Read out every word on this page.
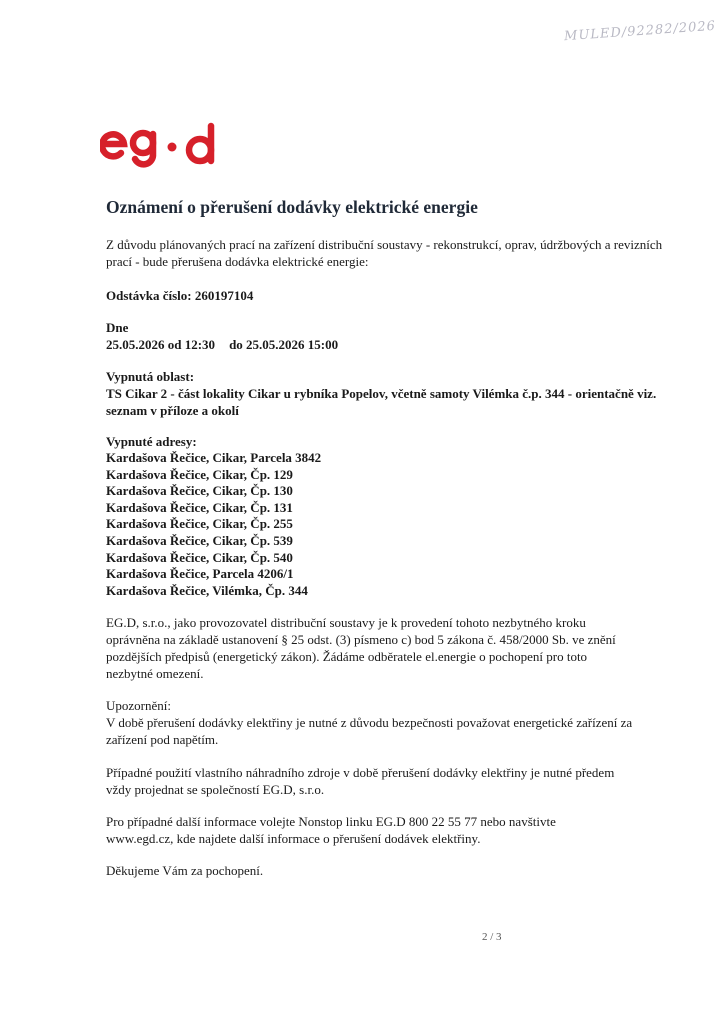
MULED/92282/2026
Oznámení o přerušení dodávky elektrické energie

Z důvodu plánovaných prací na zařízení distribuční soustavy - rekonstrukcí, oprav, údržbových a revizních prací - bude přerušena dodávka elektrické energie:

Odstávka číslo: 260197104

Dne

25.05.2026 od 12:30 do 25.05.2026 15:00

Vypnutá oblast:

TS Cikar 2 - část lokality Cikar u rybníka Popelov, včetně samoty Vilémka č.p. 344 - orientačně viz. seznam v příloze a okolí

Vypnuté adresy:

Kardašova Řečice, Cikar, Parcela 3842
Kardašova Řečice, Cikar, Čp. 129
Kardašova Řečice, Cikar, Čp. 130
Kardašova Řečice, Cikar, Čp. 131
Kardašova Řečice, Cikar, Čp. 255
Kardašova Řečice, Cikar, Čp. 539
Kardašova Řečice, Cikar, Čp. 540
Kardašova Řečice, Parcela 4206/1
Kardašova Řečice, Vilémka, Čp. 344

EG.D, s.r.o., jako provozovatel distribuční soustavy je k provedení tohoto nezbytného kroku oprávněna na základě ustanovení § 25 odst. (3) písmeno c) bod 5 zákona č. 458/2000 Sb. ve znění pozdějších předpisů (energetický zákon). Žádáme odběratele el.energie o pochopení pro toto nezbytné omezení.

Upozornění:

V době přerušení dodávky elektřiny je nutné z důvodu bezpečnosti považovat energetické zařízení za zařízení pod napětím.

Případné použití vlastního náhradního zdroje v době přerušení dodávky elektřiny je nutné předem vždy projednat se společností EG.D, s.r.o.

Pro případné další informace volejte Nonstop linku EG.D 800 22 55 77 nebo navštivte www.egd.cz, kde najdete další informace o přerušení dodávek elektřiny.

Děkujeme Vám za pochopení.

2 / 3
